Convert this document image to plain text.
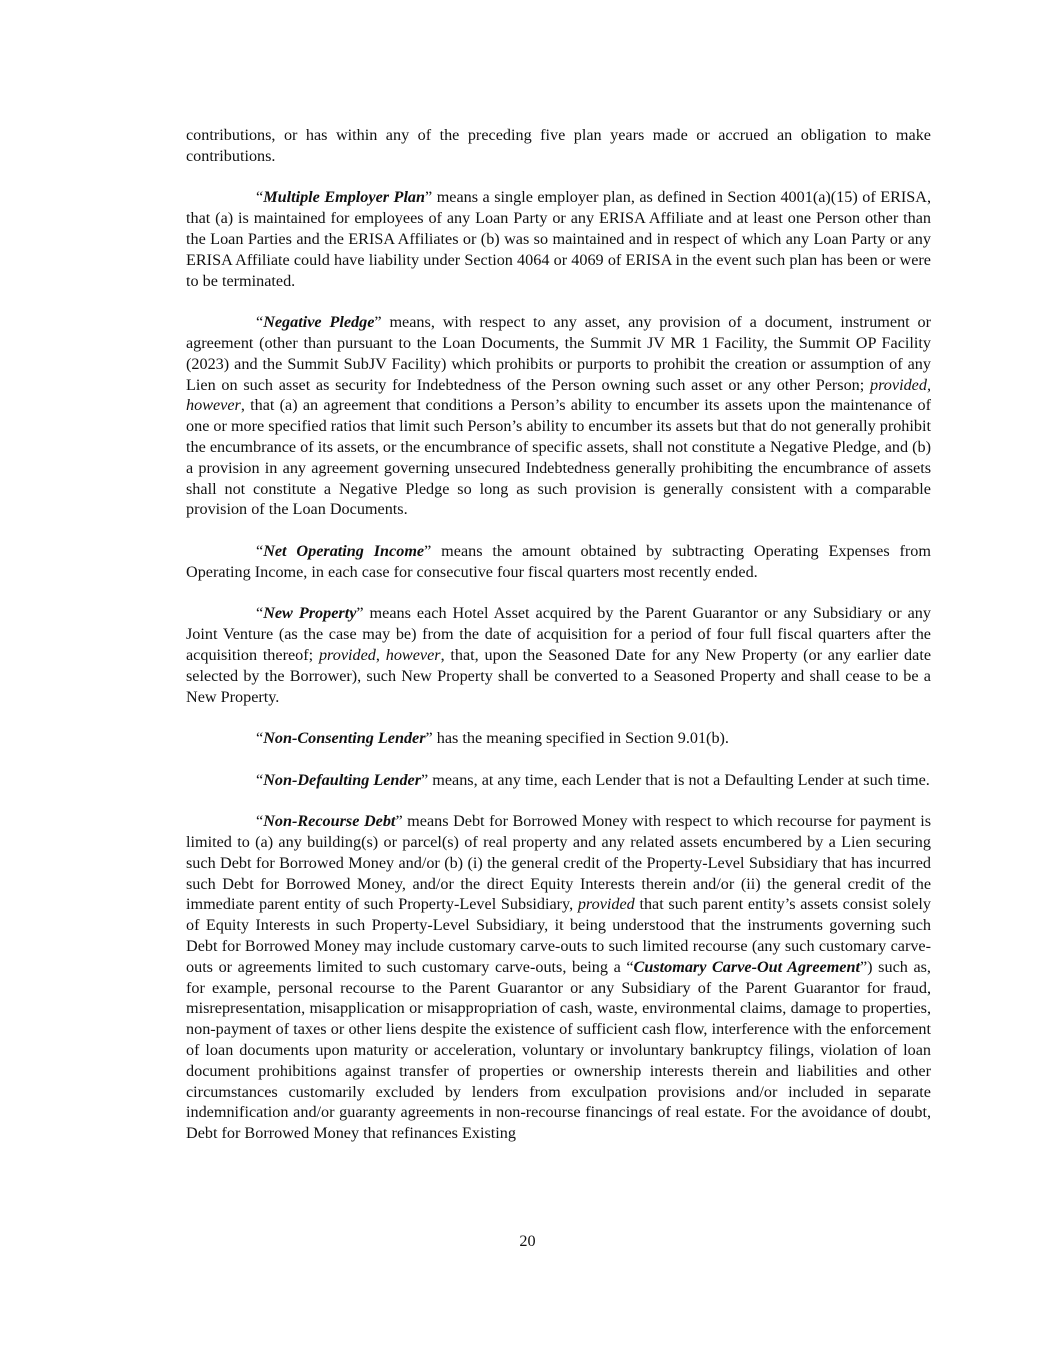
contributions, or has within any of the preceding five plan years made or accrued an obligation to make contributions.

“Multiple Employer Plan” means a single employer plan, as defined in Section 4001(a)(15) of ERISA, that (a) is maintained for employees of any Loan Party or any ERISA Affiliate and at least one Person other than the Loan Parties and the ERISA Affiliates or (b) was so maintained and in respect of which any Loan Party or any ERISA Affiliate could have liability under Section 4064 or 4069 of ERISA in the event such plan has been or were to be terminated.

“Negative Pledge” means, with respect to any asset, any provision of a document, instrument or agreement (other than pursuant to the Loan Documents, the Summit JV MR 1 Facility, the Summit OP Facility (2023) and the Summit SubJV Facility) which prohibits or purports to prohibit the creation or assumption of any Lien on such asset as security for Indebtedness of the Person owning such asset or any other Person; provided, however, that (a) an agreement that conditions a Person’s ability to encumber its assets upon the maintenance of one or more specified ratios that limit such Person’s ability to encumber its assets but that do not generally prohibit the encumbrance of its assets, or the encumbrance of specific assets, shall not constitute a Negative Pledge, and (b) a provision in any agreement governing unsecured Indebtedness generally prohibiting the encumbrance of assets shall not constitute a Negative Pledge so long as such provision is generally consistent with a comparable provision of the Loan Documents.

“Net Operating Income” means the amount obtained by subtracting Operating Expenses from Operating Income, in each case for consecutive four fiscal quarters most recently ended.

“New Property” means each Hotel Asset acquired by the Parent Guarantor or any Subsidiary or any Joint Venture (as the case may be) from the date of acquisition for a period of four full fiscal quarters after the acquisition thereof; provided, however, that, upon the Seasoned Date for any New Property (or any earlier date selected by the Borrower), such New Property shall be converted to a Seasoned Property and shall cease to be a New Property.

“Non-Consenting Lender” has the meaning specified in Section 9.01(b).

“Non-Defaulting Lender” means, at any time, each Lender that is not a Defaulting Lender at such time.

“Non-Recourse Debt” means Debt for Borrowed Money with respect to which recourse for payment is limited to (a) any building(s) or parcel(s) of real property and any related assets encumbered by a Lien securing such Debt for Borrowed Money and/or (b) (i) the general credit of the Property-Level Subsidiary that has incurred such Debt for Borrowed Money, and/or the direct Equity Interests therein and/or (ii) the general credit of the immediate parent entity of such Property-Level Subsidiary, provided that such parent entity’s assets consist solely of Equity Interests in such Property-Level Subsidiary, it being understood that the instruments governing such Debt for Borrowed Money may include customary carve-outs to such limited recourse (any such customary carve-outs or agreements limited to such customary carve-outs, being a “Customary Carve-Out Agreement”) such as, for example, personal recourse to the Parent Guarantor or any Subsidiary of the Parent Guarantor for fraud, misrepresentation, misapplication or misappropriation of cash, waste, environmental claims, damage to properties, non-payment of taxes or other liens despite the existence of sufficient cash flow, interference with the enforcement of loan documents upon maturity or acceleration, voluntary or involuntary bankruptcy filings, violation of loan document prohibitions against transfer of properties or ownership interests therein and liabilities and other circumstances customarily excluded by lenders from exculpation provisions and/or included in separate indemnification and/or guaranty agreements in non-recourse financings of real estate. For the avoidance of doubt, Debt for Borrowed Money that refinances Existing

20
